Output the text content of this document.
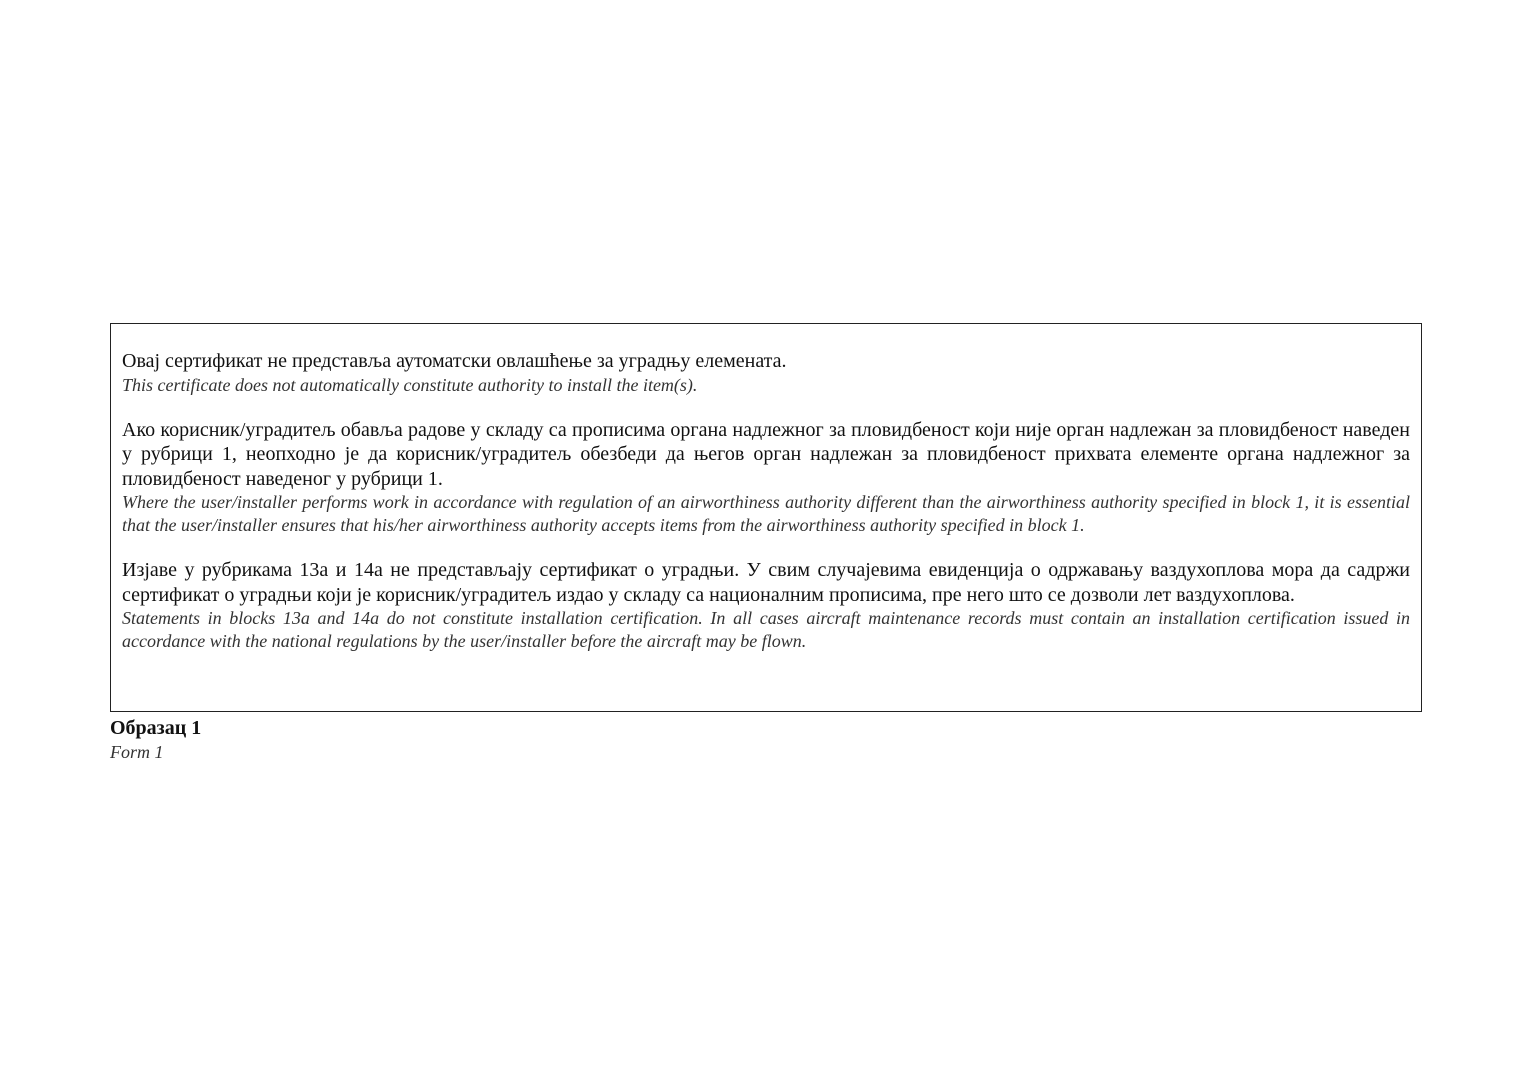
Овај сертификат не представља аутоматски овлашћење за уградњу елемената.

This certificate does not automatically constitute authority to install the item(s).

Ако корисник/уградитељ обавља радове у складу са прописима органа надлежног за пловидбеност који није орган надлежан за пловидбеност наведен у рубрици 1, неопходно је да корисник/уградитељ обезбеди да његов орган надлежан за пловидбеност прихвата елементе органа надлежног за пловидбеност наведеног у рубрици 1.

Where the user/installer performs work in accordance with regulation of an airworthiness authority different than the airworthiness authority specified in block 1, it is essential that the user/installer ensures that his/her airworthiness authority accepts items from the airworthiness authority specified in block 1.

Изјаве у рубрикама 13а и 14а не представљају сертификат о уградњи. У свим случајевима евиденција о одржавању ваздухоплова мора да садржи сертификат о уградњи који је корисник/уградитељ издао у складу са националним прописима, пре него што се дозволи лет ваздухоплова.

Statements in blocks 13a and 14a do not constitute installation certification. In all cases aircraft maintenance records must contain an installation certification issued in accordance with the national regulations by the user/installer before the aircraft may be flown.

Образац 1

Form 1
